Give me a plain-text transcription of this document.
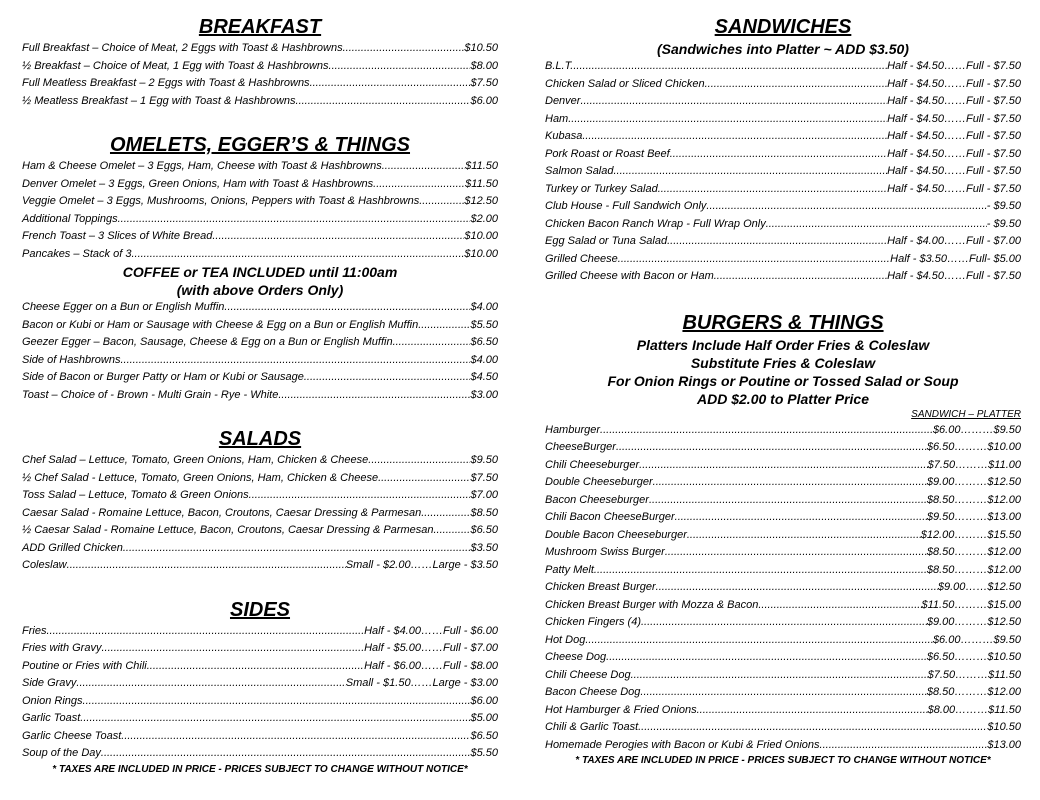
BREAKFAST
Full Breakfast – Choice of Meat, 2 Eggs with Toast & Hashbrowns .....	$10.50
½ Breakfast – Choice of Meat, 1 Egg with Toast & Hashbrowns .....	$8.00
Full Meatless Breakfast – 2 Eggs with Toast & Hashbrowns .....	$7.50
½ Meatless Breakfast – 1 Egg with Toast & Hashbrowns .....	$6.00
OMELETS, EGGER’S & THINGS
Ham & Cheese Omelet – 3 Eggs, Ham, Cheese with Toast & Hashbrowns .....	$11.50
Denver Omelet – 3 Eggs, Green Onions, Ham with Toast & Hashbrowns .....	$11.50
Veggie Omelet – 3 Eggs, Mushrooms, Onions, Peppers with Toast & Hashbrowns .....	$12.50
Additional Toppings .....	$2.00
French Toast – 3 Slices of White Bread .....	$10.00
Pancakes – Stack of 3 .....	$10.00

COFFEE or TEA INCLUDED until 11:00am

(with above Orders Only)

Cheese Egger on a Bun or English Muffin .....	$4.00
Bacon or Kubi or Ham or Sausage with Cheese & Egg on a Bun or English Muffin .....	$5.50
Geezer Egger – Bacon, Sausage, Cheese & Egg on a Bun or English Muffin .....	$6.50
Side of Hashbrowns .....	$4.00
Side of Bacon or Burger Patty or Ham or Kubi or Sausage .....	$4.50
Toast – Choice of - Brown - Multi Grain - Rye - White .....	$3.00
SALADS
Chef Salad – Lettuce, Tomato, Green Onions, Ham, Chicken & Cheese .....	$9.50
½ Chef Salad - Lettuce, Tomato, Green Onions, Ham, Chicken & Cheese .....	$7.50
Toss Salad – Lettuce, Tomato & Green Onions .....	$7.00
Caesar Salad - Romaine Lettuce, Bacon, Croutons, Caesar Dressing & Parmesan .....	$8.50
½ Caesar Salad - Romaine Lettuce, Bacon, Croutons, Caesar Dressing & Parmesan .....	$6.50
ADD Grilled Chicken .....	$3.50
Coleslaw .....	Small - $2.00……Large - $3.50
SIDES
Fries .....	Half - $4.00……Full - $6.00
Fries with Gravy .....	Half - $5.00……Full - $7.00
Poutine or Fries with Chili .....	Half - $6.00……Full - $8.00
Side Gravy .....	Small - $1.50……Large - $3.00
Onion Rings .....	$6.00
Garlic Toast .....	$5.00
Garlic Cheese Toast .....	$6.50
Soup of the Day .....	$5.50
* TAXES ARE INCLUDED IN PRICE - PRICES SUBJECT TO CHANGE WITHOUT NOTICE*
SANDWICHES

(Sandwiches into Platter ~ ADD $3.50)

B.L.T. .....	Half - $4.50……Full - $7.50
Chicken Salad or Sliced Chicken .....	Half - $4.50……Full - $7.50
Denver .....	Half - $4.50……Full - $7.50
Ham .....	Half - $4.50……Full - $7.50
Kubasa .....	Half - $4.50……Full - $7.50
Pork Roast or Roast Beef .....	Half - $4.50……Full - $7.50
Salmon Salad .....	Half - $4.50……Full - $7.50
Turkey or Turkey Salad .....	Half - $4.50……Full - $7.50
Club House - Full Sandwich Only .....	- $9.50
Chicken Bacon Ranch Wrap - Full Wrap Only .....	- $9.50
Egg Salad or Tuna Salad .....	Half - $4.00……Full - $7.00
Grilled Cheese .....	Half - $3.50……Full- $5.00
Grilled Cheese with Bacon or Ham .....	Half - $4.50……Full - $7.50
BURGERS & THINGS

Platters Include Half Order Fries & Coleslaw

Substitute Fries & Coleslaw

For Onion Rings or Poutine or Tossed Salad or Soup

ADD $2.00 to Platter Price

SANDWICH – PLATTER
Hamburger .....	$6.00………$9.50
CheeseBurger .....	$6.50………$10.00
Chili Cheeseburger .....	$7.50………$11.00
Double Cheeseburger .....	$9.00………$12.50
Bacon Cheeseburger .....	$8.50………$12.00
Chili Bacon CheeseBurger .....	$9.50………$13.00
Double Bacon Cheeseburger .....	$12.00………$15.50
Mushroom Swiss Burger .....	$8.50………$12.00
Patty Melt .....	$8.50………$12.00
Chicken Breast Burger .....	$9.00……$12.50
Chicken Breast Burger with Mozza & Bacon .....	$11.50………$15.00
Chicken Fingers (4) .....	$9.00………$12.50
Hot Dog .....	$6.00………$9.50
Cheese Dog .....	$6.50………$10.50
Chili Cheese Dog .....	$7.50………$11.50
Bacon Cheese Dog .....	$8.50………$12.00
Hot Hamburger & Fried Onions .....	$8.00………$11.50
Chili & Garlic Toast .....	$10.50
Homemade Perogies with Bacon or Kubi & Fried Onions .....	$13.00
* TAXES ARE INCLUDED IN PRICE - PRICES SUBJECT TO CHANGE WITHOUT NOTICE*
